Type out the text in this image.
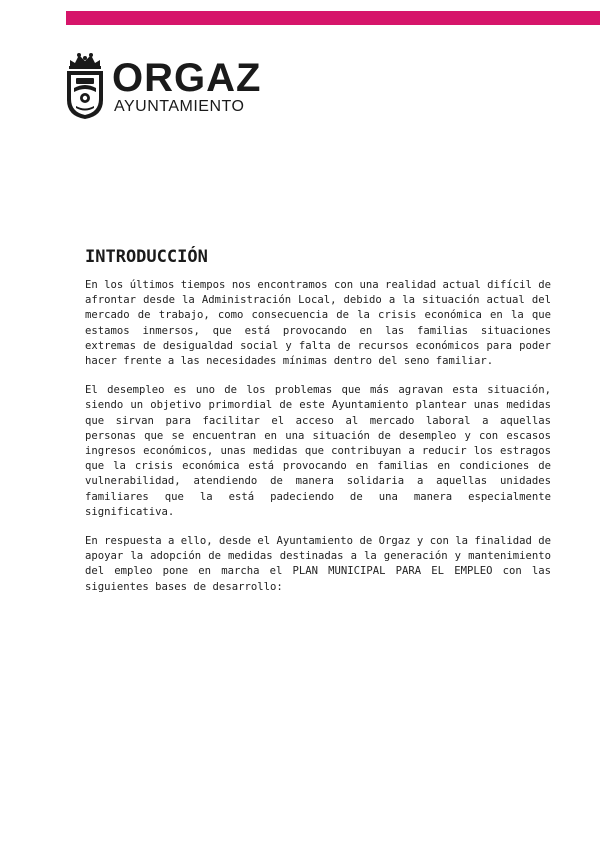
ORGAZ
AYUNTAMIENTO
INTRODUCCIÓN

En los últimos tiempos nos encontramos con una realidad actual difícil de afrontar desde la Administración Local, debido a la situación actual del mercado de trabajo, como consecuencia de la crisis económica en la que estamos inmersos, que está provocando en las familias situaciones extremas de desigualdad social y falta de recursos económicos para poder hacer frente a las necesidades mínimas dentro del seno familiar.

El desempleo es uno de los problemas que más agravan esta situación, siendo un objetivo primordial de este Ayuntamiento plantear unas medidas que sirvan para facilitar el acceso al mercado laboral a aquellas personas que se encuentran en una situación de desempleo y con escasos ingresos económicos, unas medidas que contribuyan a reducir los estragos que la crisis económica está provocando en familias en condiciones de vulnerabilidad, atendiendo de manera solidaria a aquellas unidades familiares que la está padeciendo de una manera especialmente significativa.

En respuesta a ello, desde el Ayuntamiento de Orgaz y con la finalidad de apoyar la adopción de medidas destinadas a la generación y mantenimiento del empleo pone en marcha el PLAN MUNICIPAL PARA EL EMPLEO con las siguientes bases de desarrollo:
